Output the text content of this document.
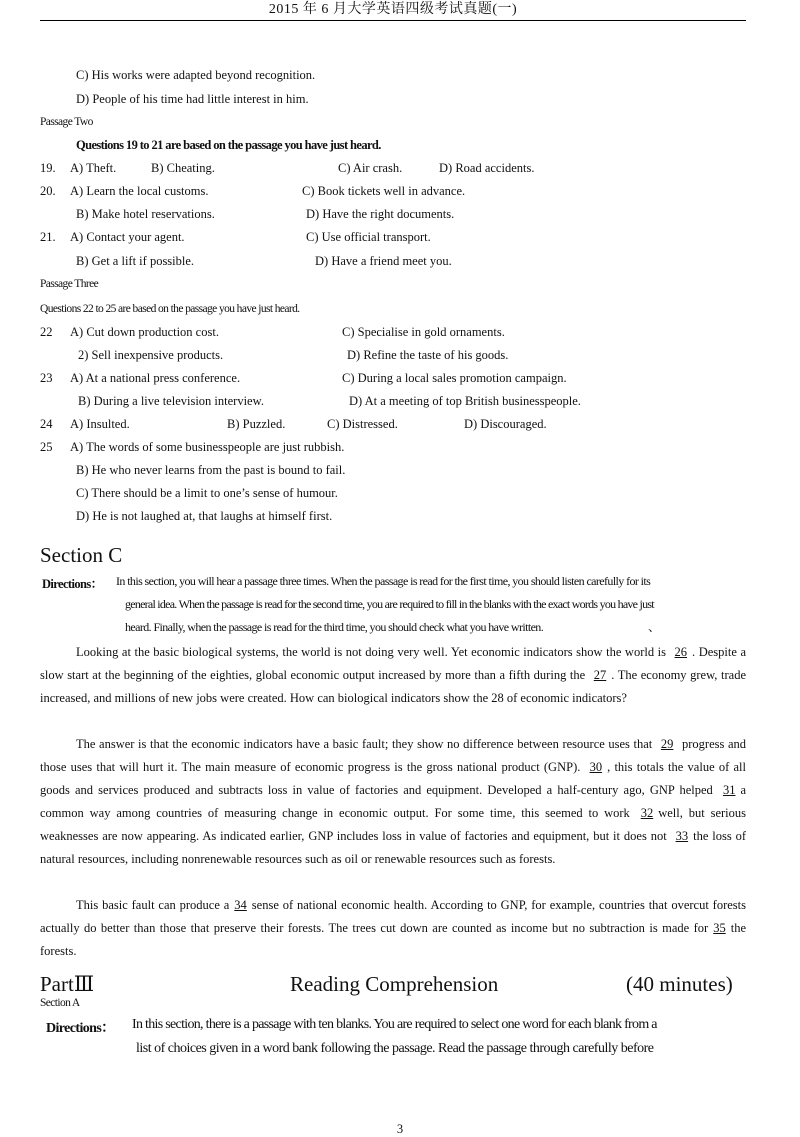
2015 年 6 月大学英语四级考试真题(一)
C) His works were adapted beyond recognition.
D) People of his time had little interest in him.
Passage Two
Questions 19 to 21 are based on the passage you have just heard.
19. A) Theft.	B) Cheating.	C) Air crash.	D) Road accidents.
20. A) Learn the local customs.	C) Book tickets well in advance.
B) Make hotel reservations.	D) Have the right documents.
21. A) Contact your agent.	C) Use official transport.
B) Get a lift if possible.	D) Have a friend meet you.
Passage Three
Questions 22 to 25 are based on the passage you have just heard.
22 A) Cut down production cost.	C) Specialise in gold ornaments.
2) Sell inexpensive products.	D) Refine the taste of his goods.
23 A) At a national press conference.	C) During a local sales promotion campaign.
B) During a live television interview.	D) At a meeting of top British businesspeople.
24 A) Insulted.	B) Puzzled.	C) Distressed.	D) Discouraged.
25 A) The words of some businesspeople are just rubbish.
B) He who never learns from the past is bound to fail.
C) There should be a limit to one’s sense of humour.
D) He is not laughed at, that laughs at himself first.
Section C
Directions： In this section, you will hear a passage three times. When the passage is read for the first time, you should listen carefully for its
general idea. When the passage is read for the second time, you are required to fill in the blanks with the exact words you have just
heard. Finally, when the passage is read for the third time, you should check what you have written.	、

Looking at the basic biological systems, the world is not doing very well. Yet economic indicators show the world is 26 . Despite a slow start at the beginning of the eighties, global economic output increased by more than a fifth during the 27 . The economy grew, trade increased, and millions of new jobs were created. How can biological indicators show the 28 of economic indicators?

The answer is that the economic indicators have a basic fault; they show no difference between resource uses that 29 progress and those uses that will hurt it. The main measure of economic progress is the gross national product (GNP). 30 , this totals the value of all goods and services produced and subtracts loss in value of factories and equipment. Developed a half-century ago, GNP helped 31 a common way among countries of measuring change in economic output. For some time, this seemed to work 32 well, but serious weaknesses are now appearing. As indicated earlier, GNP includes loss in value of factories and equipment, but it does not 33 the loss of natural resources, including nonrenewable resources such as oil or renewable resources such as forests.

This basic fault can produce a 34 sense of national economic health. According to GNP, for example, countries that overcut forests actually do better than those that preserve their forests. The trees cut down are counted as income but no subtraction is made for 35 the forests.

PartⅢ	Reading Comprehension	(40 minutes)
Section A
Directions： In this section, there is a passage with ten blanks. You are required to select one word for each blank from a
list of choices given in a word bank following the passage. Read the passage through carefully before
3
